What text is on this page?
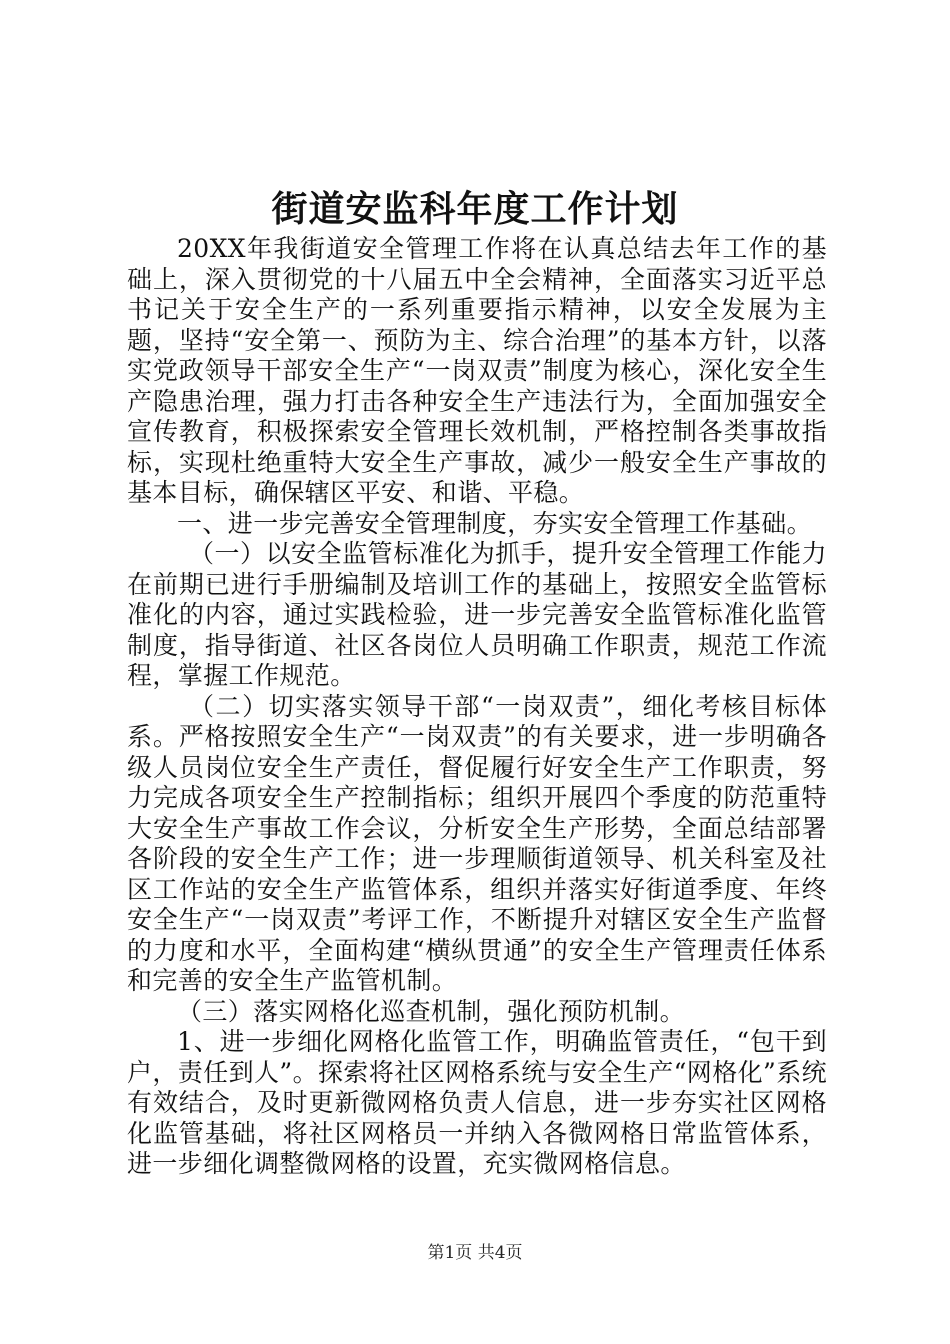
街道安监科年度工作计划

20XX年我街道安全管理工作将在认真总结去年工作的基础上，深入贯彻党的十八届五中全会精神，全面落实习近平总书记关于安全生产的一系列重要指示精神，以安全发展为主题，坚持“安全第一、预防为主、综合治理”的基本方针，以落实党政领导干部安全生产“一岗双责”制度为核心，深化安全生产隐患治理，强力打击各种安全生产违法行为，全面加强安全宣传教育，积极探索安全管理长效机制，严格控制各类事故指标，实现杜绝重特大安全生产事故，减少一般安全生产事故的基本目标，确保辖区平安、和谐、平稳。

一、进一步完善安全管理制度，夯实安全管理工作基础。

（一）以安全监管标准化为抓手，提升安全管理工作能力在前期已进行手册编制及培训工作的基础上，按照安全监管标准化的内容，通过实践检验，进一步完善安全监管标准化监管制度，指导街道、社区各岗位人员明确工作职责，规范工作流程，掌握工作规范。

（二）切实落实领导干部“一岗双责”，细化考核目标体系。严格按照安全生产“一岗双责”的有关要求，进一步明确各级人员岗位安全生产责任，督促履行好安全生产工作职责，努力完成各项安全生产控制指标；组织开展四个季度的防范重特大安全生产事故工作会议，分析安全生产形势，全面总结部署各阶段的安全生产工作；进一步理顺街道领导、机关科室及社区工作站的安全生产监管体系，组织并落实好街道季度、年终安全生产“一岗双责”考评工作，不断提升对辖区安全生产监督的力度和水平，全面构建“横纵贯通”的安全生产管理责任体系和完善的安全生产监管机制。

（三）落实网格化巡查机制，强化预防机制。

1、进一步细化网格化监管工作，明确监管责任，“包干到户，责任到人”。探索将社区网格系统与安全生产“网格化”系统有效结合，及时更新微网格负责人信息，进一步夯实社区网格化监管基础，将社区网格员一并纳入各微网格日常监管体系，进一步细化调整微网格的设置，充实微网格信息。

第1页 共4页
